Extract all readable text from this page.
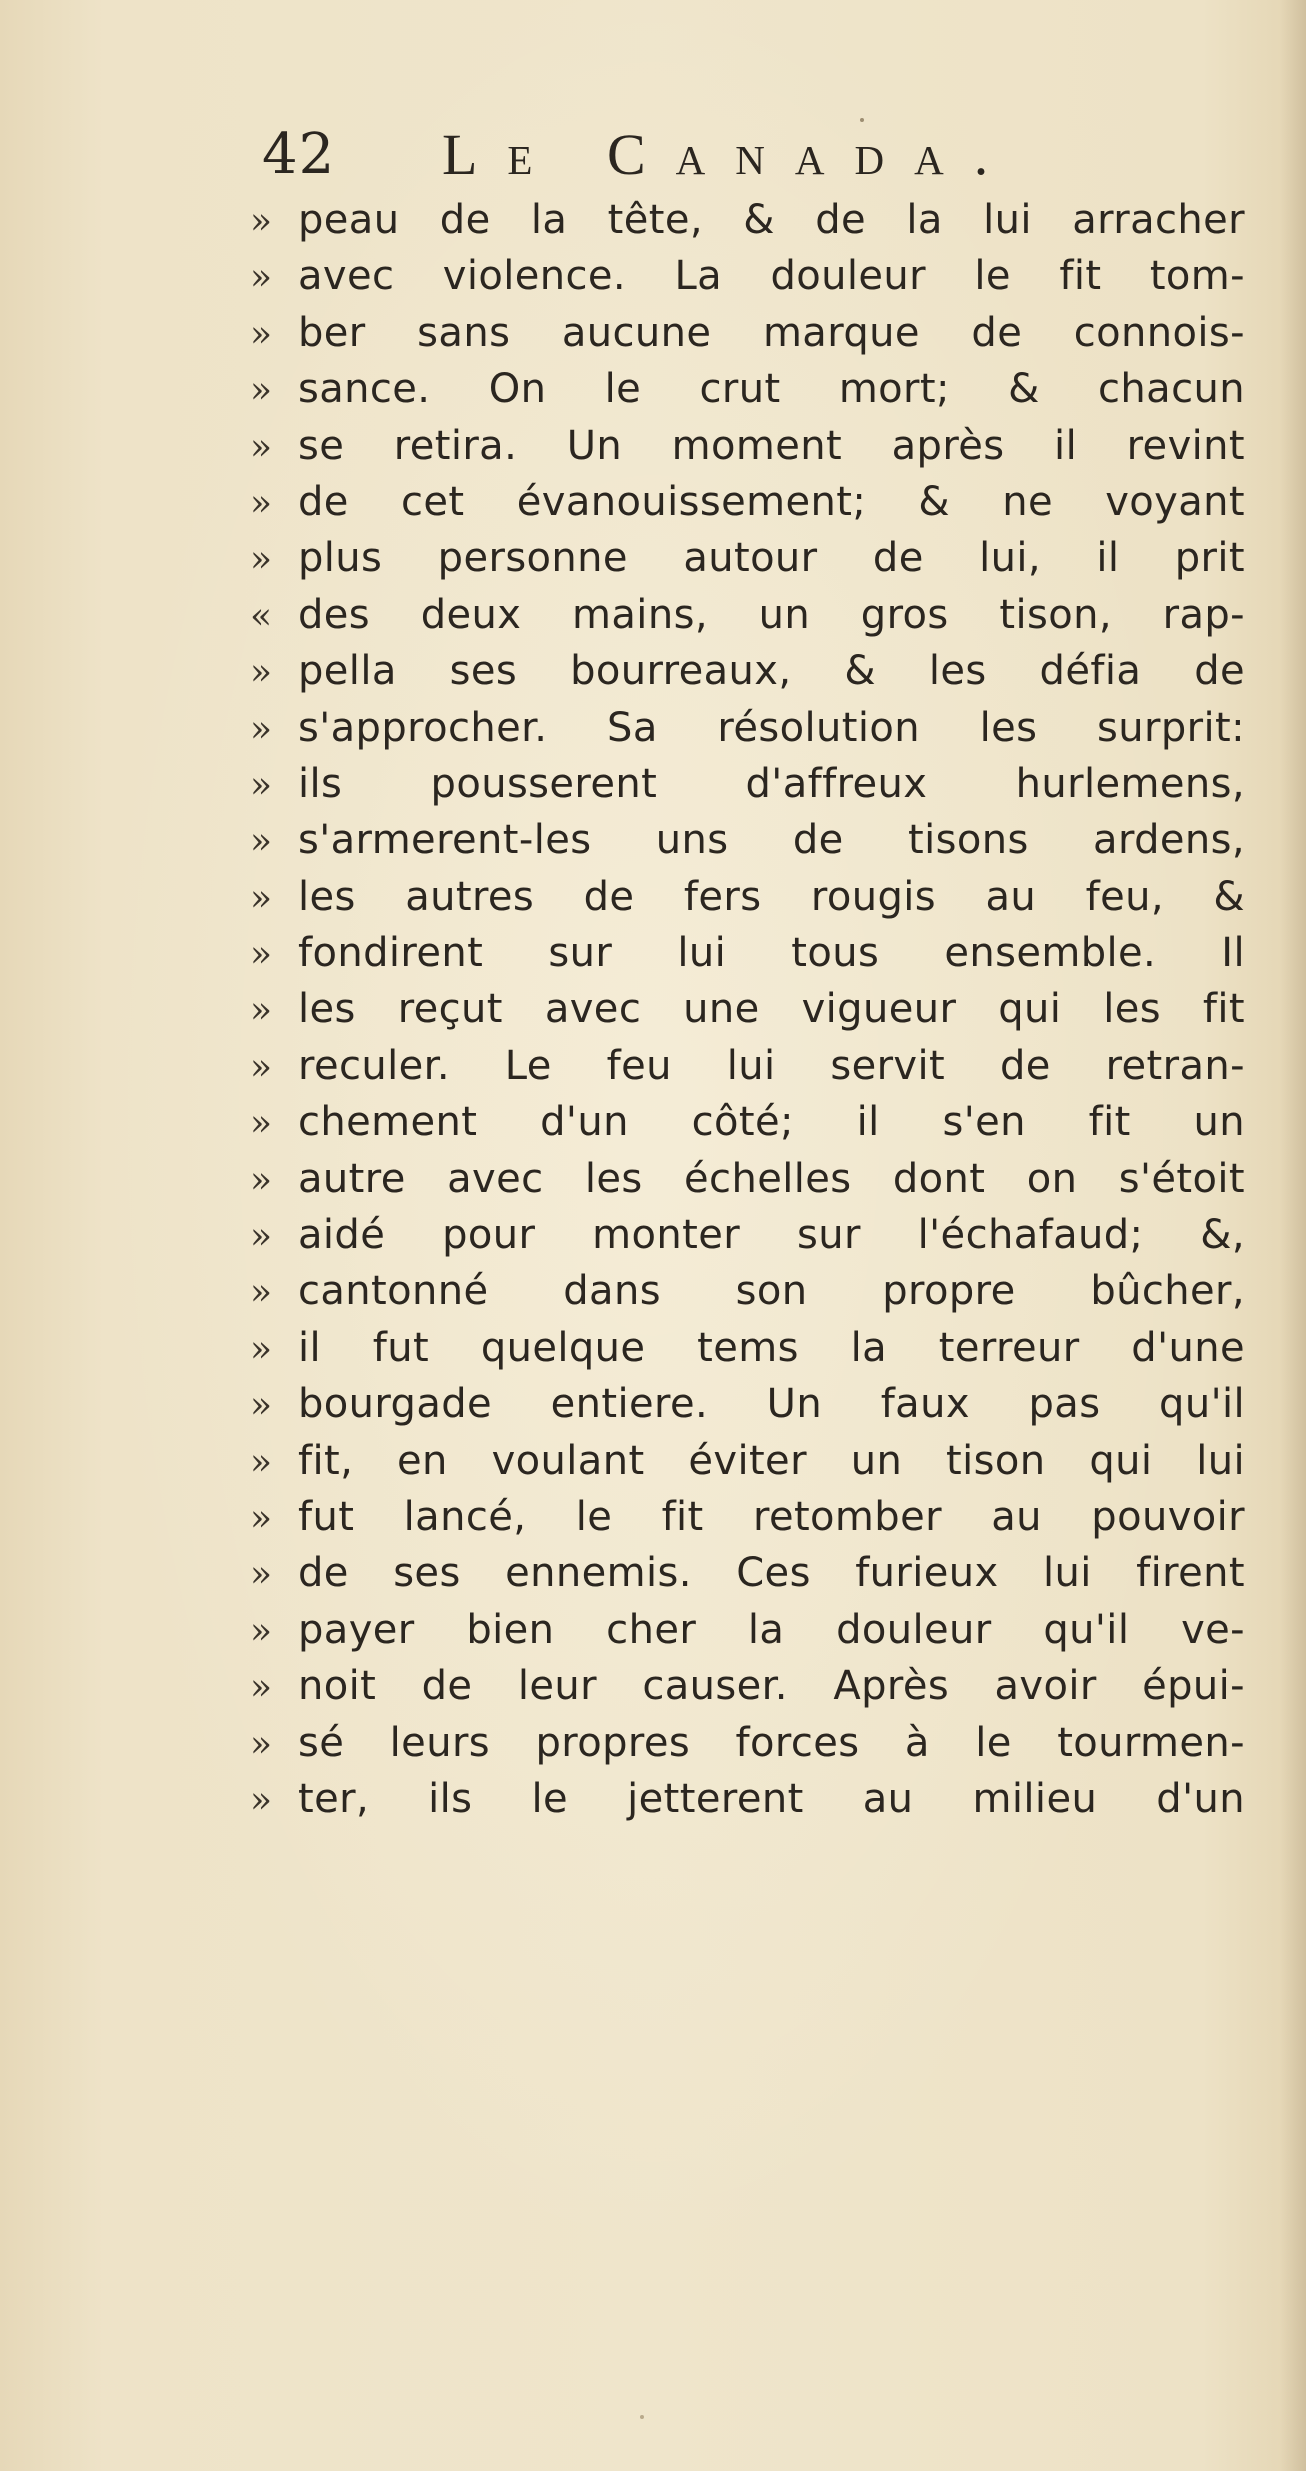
42 Le Canada.
» peau de la tête, & de la lui arracher
» avec violence. La douleur le fit tom-
» ber sans aucune marque de connois-
» sance. On le crut mort; & chacun
» se retira. Un moment après il revint
» de cet évanouissement; & ne voyant
» plus personne autour de lui, il prit
« des deux mains, un gros tison, rap-
» pella ses bourreaux, & les défia de
» s'approcher. Sa résolution les surprit:
» ils pousserent d'affreux hurlemens,
» s'armerent-les uns de tisons ardens,
» les autres de fers rougis au feu, &
» fondirent sur lui tous ensemble. Il
» les reçut avec une vigueur qui les fit
» reculer. Le feu lui servit de retran-
» chement d'un côté; il s'en fit un
» autre avec les échelles dont on s'étoit
» aidé pour monter sur l'échafaud; &,
» cantonné dans son propre bûcher,
» il fut quelque tems la terreur d'une
» bourgade entiere. Un faux pas qu'il
» fit, en voulant éviter un tison qui lui
» fut lancé, le fit retomber au pouvoir
» de ses ennemis. Ces furieux lui firent
» payer bien cher la douleur qu'il ve-
» noit de leur causer. Après avoir épui-
» sé leurs propres forces à le tourmen-
» ter, ils le jetterent au milieu d'un
